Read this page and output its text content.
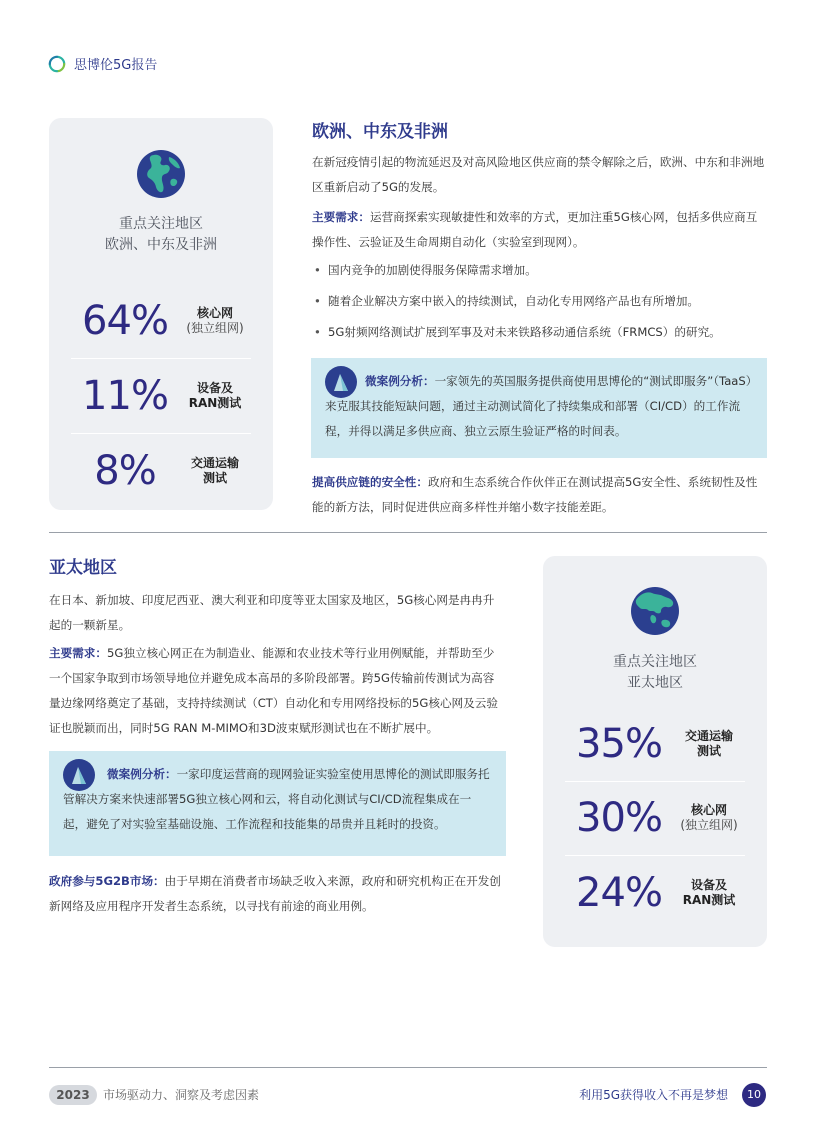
思博伦5G报告
重点关注地区
欧洲、中东及非洲
64%	核心网
(独立组网)
11%	设备及
RAN测试
8%	交通运输
测试
欧洲、中东及非洲

在新冠疫情引起的物流延迟及对高风险地区供应商的禁令解除之后，欧洲、中东和非洲地区重新启动了5G的发展。

主要需求：运营商探索实现敏捷性和效率的方式，更加注重5G核心网，包括多供应商互操作性、云验证及生命周期自动化（实验室到现网）。

• 国内竞争的加剧使得服务保障需求增加。
• 随着企业解决方案中嵌入的持续测试，自动化专用网络产品也有所增加。
• 5G射频网络测试扩展到军事及对未来铁路移动通信系统（FRMCS）的研究。

微案例分析：一家领先的英国服务提供商使用思博伦的“测试即服务”（TaaS）来克服其技能短缺问题，通过主动测试简化了持续集成和部署（CI/CD）的工作流程，并得以满足多供应商、独立云原生验证严格的时间表。

提高供应链的安全性：政府和生态系统合作伙伴正在测试提高5G安全性、系统韧性及性能的新方法，同时促进供应商多样性并缩小数字技能差距。

亚太地区

在日本、新加坡、印度尼西亚、澳大利亚和印度等亚太国家及地区，5G核心网是冉冉升起的一颗新星。

主要需求：5G独立核心网正在为制造业、能源和农业技术等行业用例赋能，并帮助至少一个国家争取到市场领导地位并避免成本高昂的多阶段部署。跨5G传输前传测试为高容量边缘网络奠定了基础，支持持续测试（CT）自动化和专用网络投标的5G核心网及云验证也脱颖而出，同时5G RAN M-MIMO和3D波束赋形测试也在不断扩展中。

微案例分析：一家印度运营商的现网验证实验室使用思博伦的测试即服务托管解决方案来快速部署5G独立核心网和云，将自动化测试与CI/CD流程集成在一起，避免了对实验室基础设施、工作流程和技能集的昂贵并且耗时的投资。

政府参与5G2B市场：由于早期在消费者市场缺乏收入来源，政府和研究机构正在开发创新网络及应用程序开发者生态系统，以寻找有前途的商业用例。

重点关注地区
亚太地区
35%	交通运输
测试
30%	核心网
(独立组网)
24%	设备及
RAN测试
2023	市场驱动力、洞察及考虑因素	利用5G获得收入不再是梦想	10
